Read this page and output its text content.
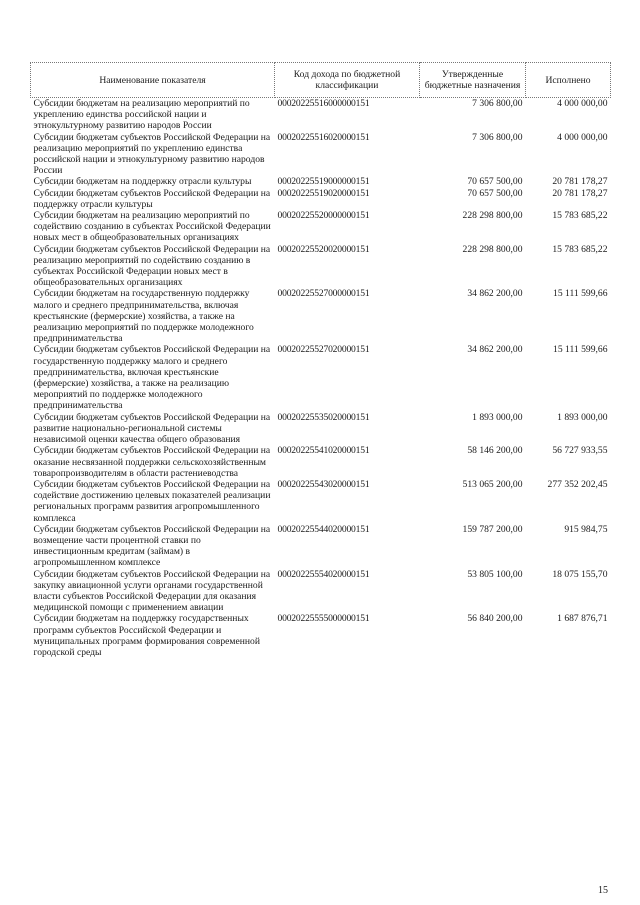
Наименование показателя	Код дохода по бюджетной классификации	Утвержденные бюджетные назначения	Исполнено
Субсидии бюджетам на реализацию мероприятий по укреплению единства российской нации и этнокультурному развитию народов России	00020225516000000151	7 306 800,00	4 000 000,00
Субсидии бюджетам субъектов Российской Федерации на реализацию мероприятий по укреплению единства российской нации и этнокультурному развитию народов России	00020225516020000151	7 306 800,00	4 000 000,00
Субсидии бюджетам на поддержку отрасли культуры	00020225519000000151	70 657 500,00	20 781 178,27
Субсидии бюджетам субъектов Российской Федерации на поддержку отрасли культуры	00020225519020000151	70 657 500,00	20 781 178,27
Субсидии бюджетам на реализацию мероприятий по содействию созданию в субъектах Российской Федерации новых мест в общеобразовательных организациях	00020225520000000151	228 298 800,00	15 783 685,22
Субсидии бюджетам субъектов Российской Федерации на реализацию мероприятий по содействию созданию в субъектах Российской Федерации новых мест в общеобразовательных организациях	00020225520020000151	228 298 800,00	15 783 685,22
Субсидии бюджетам на государственную поддержку малого и среднего предпринимательства, включая крестьянские (фермерские) хозяйства, а также на реализацию мероприятий по поддержке молодежного предпринимательства	00020225527000000151	34 862 200,00	15 111 599,66
Субсидии бюджетам субъектов Российской Федерации на государственную поддержку малого и среднего предпринимательства, включая крестьянские (фермерские) хозяйства, а также на реализацию мероприятий по поддержке молодежного предпринимательства	00020225527020000151	34 862 200,00	15 111 599,66
Субсидии бюджетам субъектов Российской Федерации на развитие национально-региональной системы независимой оценки качества общего образования	00020225535020000151	1 893 000,00	1 893 000,00
Субсидии бюджетам субъектов Российской Федерации на оказание несвязанной поддержки сельскохозяйственным товаропроизводителям в области растениеводства	00020225541020000151	58 146 200,00	56 727 933,55
Субсидии бюджетам субъектов Российской Федерации на содействие достижению целевых показателей реализации региональных программ развития агропромышленного комплекса	00020225543020000151	513 065 200,00	277 352 202,45
Субсидии бюджетам субъектов Российской Федерации на возмещение части процентной ставки по инвестиционным кредитам (займам) в агропромышленном комплексе	00020225544020000151	159 787 200,00	915 984,75
Субсидии бюджетам субъектов Российской Федерации на закупку авиационной услуги органами государственной власти субъектов Российской Федерации для оказания медицинской помощи с применением авиации	00020225554020000151	53 805 100,00	18 075 155,70
Субсидии бюджетам на поддержку государственных программ субъектов Российской Федерации и муниципальных программ формирования современной городской среды	00020225555000000151	56 840 200,00	1 687 876,71
15
